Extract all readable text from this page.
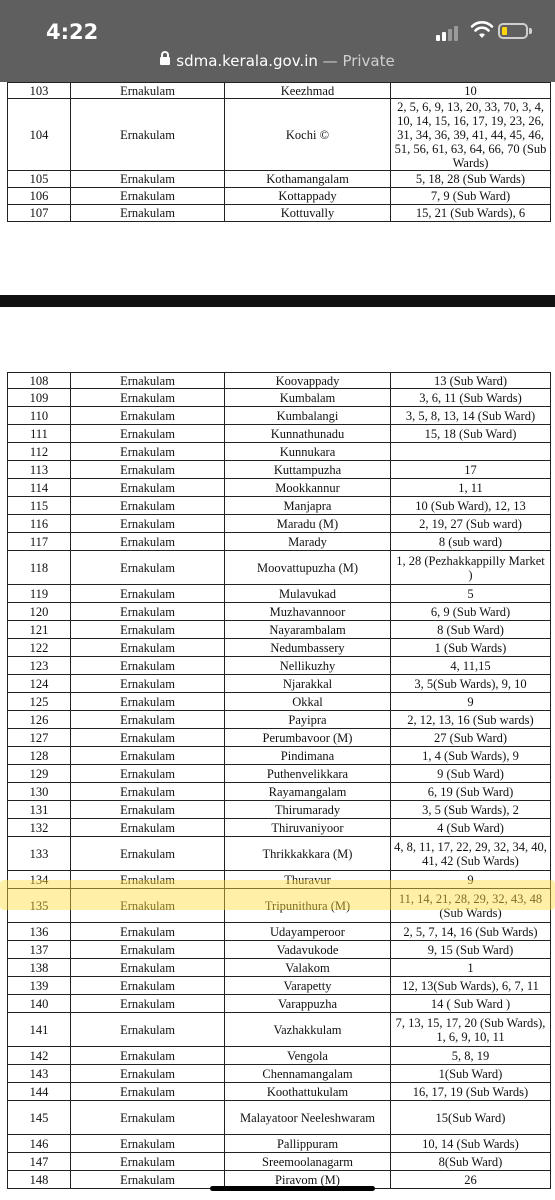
4:22
sdma.kerala.gov.in — Private
103	Ernakulam	Keezhmad	10
104	Ernakulam	Kochi ©	2, 5, 6, 9, 13, 20, 33, 70, 3, 4, 10, 14, 15, 16, 17, 19, 23, 26, 31, 34, 36, 39, 41, 44, 45, 46, 51, 56, 61, 63, 64, 66, 70 (Sub Wards)
105	Ernakulam	Kothamangalam	5, 18, 28 (Sub Wards)
106	Ernakulam	Kottappady	7, 9 (Sub Ward)
107	Ernakulam	Kottuvally	15, 21 (Sub Wards), 6
108	Ernakulam	Koovappady	13 (Sub Ward)
109	Ernakulam	Kumbalam	3, 6, 11 (Sub Wards)
110	Ernakulam	Kumbalangi	3, 5, 8, 13, 14 (Sub Ward)
111	Ernakulam	Kunnathunadu	15, 18 (Sub Ward)
112	Ernakulam	Kunnukara	
113	Ernakulam	Kuttampuzha	17
114	Ernakulam	Mookkannur	1, 11
115	Ernakulam	Manjapra	10 (Sub Ward), 12, 13
116	Ernakulam	Maradu (M)	2, 19, 27 (Sub ward)
117	Ernakulam	Marady	8 (sub ward)
118	Ernakulam	Moovattupuzha (M)	1, 28 (Pezhakkappilly Market )
119	Ernakulam	Mulavukad	5
120	Ernakulam	Muzhavannoor	6, 9 (Sub Ward)
121	Ernakulam	Nayarambalam	8 (Sub Ward)
122	Ernakulam	Nedumbassery	1 (Sub Wards)
123	Ernakulam	Nellikuzhy	4, 11,15
124	Ernakulam	Njarakkal	3, 5(Sub Wards), 9, 10
125	Ernakulam	Okkal	9
126	Ernakulam	Payipra	2, 12, 13, 16 (Sub wards)
127	Ernakulam	Perumbavoor (M)	27 (Sub Ward)
128	Ernakulam	Pindimana	1, 4 (Sub Wards), 9
129	Ernakulam	Puthenvelikkara	9 (Sub Ward)
130	Ernakulam	Rayamangalam	6, 19 (Sub Ward)
131	Ernakulam	Thirumarady	3, 5 (Sub Wards), 2
132	Ernakulam	Thiruvaniyoor	4 (Sub Ward)
133	Ernakulam	Thrikkakkara (M)	4, 8, 11, 17, 22, 29, 32, 34, 40, 41, 42 (Sub Wards)
134	Ernakulam	Thuravur	9
135	Ernakulam	Tripunithura (M)	11, 14, 21, 28, 29, 32, 43, 48 (Sub Wards)
136	Ernakulam	Udayamperoor	2, 5, 7, 14, 16 (Sub Wards)
137	Ernakulam	Vadavukode	9, 15 (Sub Ward)
138	Ernakulam	Valakom	1
139	Ernakulam	Varapetty	12, 13(Sub Wards), 6, 7, 11
140	Ernakulam	Varappuzha	14 ( Sub Ward )
141	Ernakulam	Vazhakkulam	7, 13, 15, 17, 20 (Sub Wards), 1, 6, 9, 10, 11
142	Ernakulam	Vengola	5, 8, 19
143	Ernakulam	Chennamangalam	1(Sub Ward)
144	Ernakulam	Koothattukulam	16, 17, 19 (Sub Wards)
145	Ernakulam	Malayatoor Neeleshwaram	15(Sub Ward)
146	Ernakulam	Pallippuram	10, 14 (Sub Wards)
147	Ernakulam	Sreemoolanagarm	8(Sub Ward)
148	Ernakulam	Piravom (M)	26
